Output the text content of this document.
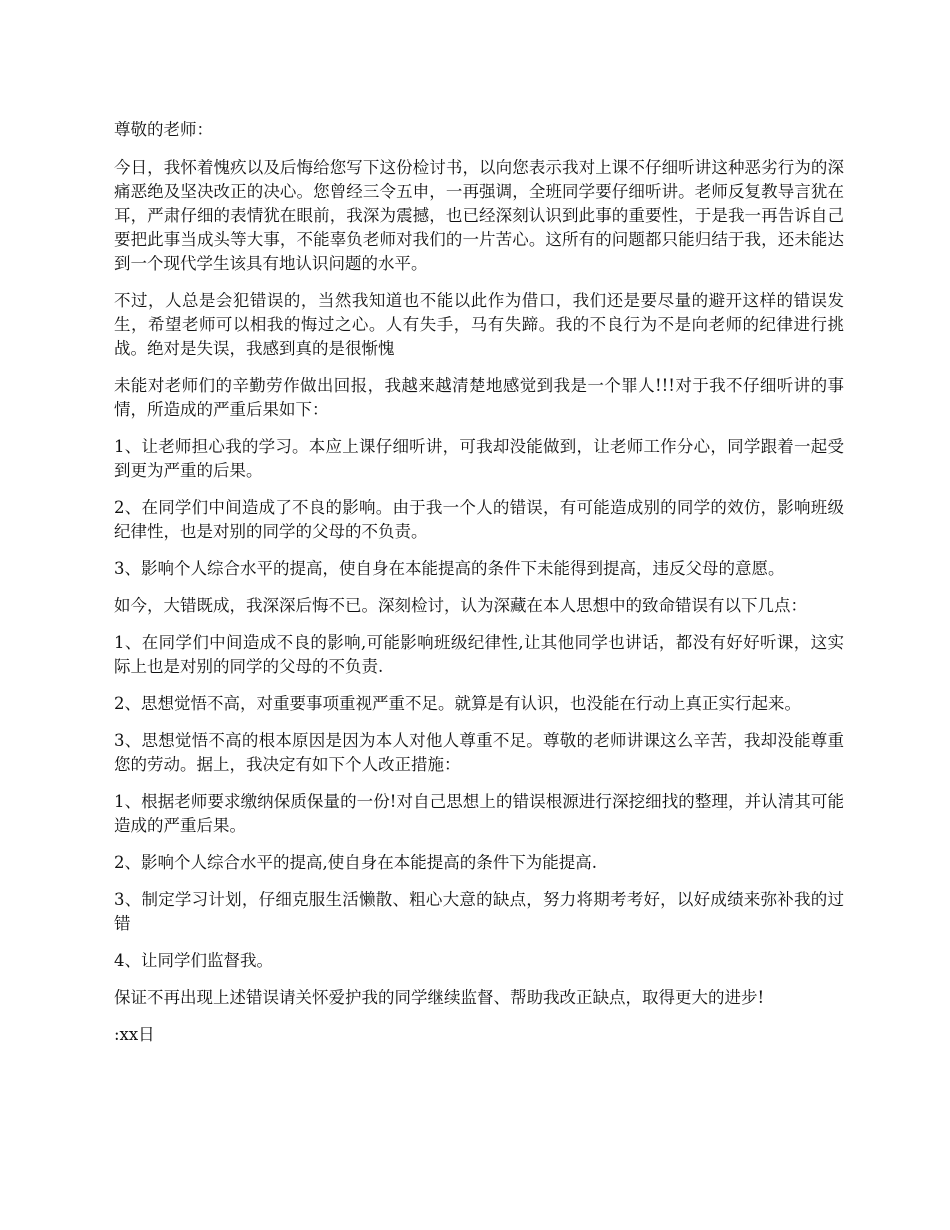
尊敬的老师：

今日，我怀着愧疚以及后悔给您写下这份检讨书，以向您表示我对上课不仔细听讲这种恶劣行为的深痛恶绝及坚决改正的决心。您曾经三令五申，一再强调，全班同学要仔细听讲。老师反复教导言犹在耳，严肃仔细的表情犹在眼前，我深为震撼，也已经深刻认识到此事的重要性，于是我一再告诉自己要把此事当成头等大事，不能辜负老师对我们的一片苦心。这所有的问题都只能归结于我，还未能达到一个现代学生该具有地认识问题的水平。

不过，人总是会犯错误的，当然我知道也不能以此作为借口，我们还是要尽量的避开这样的错误发生，希望老师可以相我的悔过之心。人有失手，马有失蹄。我的不良行为不是向老师的纪律进行挑战。绝对是失误，我感到真的是很惭愧

未能对老师们的辛勤劳作做出回报，我越来越清楚地感觉到我是一个罪人!!!对于我不仔细听讲的事情，所造成的严重后果如下：

1、让老师担心我的学习。本应上课仔细听讲，可我却没能做到，让老师工作分心，同学跟着一起受到更为严重的后果。

2、在同学们中间造成了不良的影响。由于我一个人的错误，有可能造成别的同学的效仿，影响班级纪律性，也是对别的同学的父母的不负责。

3、影响个人综合水平的提高，使自身在本能提高的条件下未能得到提高，违反父母的意愿。

如今，大错既成，我深深后悔不已。深刻检讨，认为深藏在本人思想中的致命错误有以下几点：

1、在同学们中间造成不良的影响,可能影响班级纪律性,让其他同学也讲话，都没有好好听课，这实际上也是对别的同学的父母的不负责.

2、思想觉悟不高，对重要事项重视严重不足。就算是有认识，也没能在行动上真正实行起来。

3、思想觉悟不高的根本原因是因为本人对他人尊重不足。尊敬的老师讲课这么辛苦，我却没能尊重您的劳动。据上，我决定有如下个人改正措施：

1、根据老师要求缴纳保质保量的一份!对自己思想上的错误根源进行深挖细找的整理，并认清其可能造成的严重后果。

2、影响个人综合水平的提高,使自身在本能提高的条件下为能提高.

3、制定学习计划，仔细克服生活懒散、粗心大意的缺点，努力将期考考好，以好成绩来弥补我的过错

4、让同学们监督我。

保证不再出现上述错误请关怀爱护我的同学继续监督、帮助我改正缺点，取得更大的进步!

:xx日
